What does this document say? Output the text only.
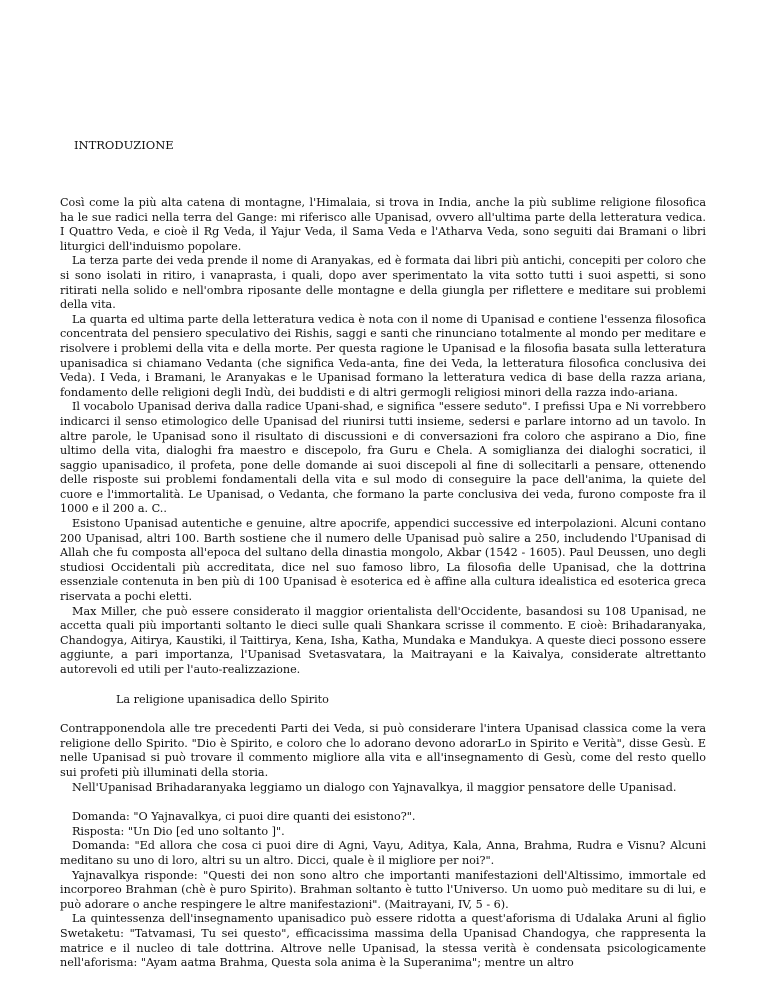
INTRODUZIONE

Così come la più alta catena di montagne, l'Himalaia, si trova in India, anche la più sublime religione filosofica ha le sue radici nella terra del Gange: mi riferisco alle Upanisad, ovvero all'ultima parte della letteratura vedica. I Quattro Veda, e cioè il Rg Veda, il Yajur Veda, il Sama Veda e l'Atharva Veda, sono seguiti dai Bramani o libri liturgici dell'induismo popolare.

La terza parte dei veda prende il nome di Aranyakas, ed è formata dai libri più antichi, concepiti per coloro che si sono isolati in ritiro, i vanaprasta, i quali, dopo aver sperimentato la vita sotto tutti i suoi aspetti, si sono ritirati nella solido e nell'ombra riposante delle montagne e della giungla per riflettere e meditare sui problemi della vita.

La quarta ed ultima parte della letteratura vedica è nota con il nome di Upanisad e contiene l'essenza filosofica concentrata del pensiero speculativo dei Rishis, saggi e santi che rinunciano totalmente al mondo per meditare e risolvere i problemi della vita e della morte. Per questa ragione le Upanisad e la filosofia basata sulla letteratura upanisadica si chiamano Vedanta (che significa Veda-anta, fine dei Veda, la letteratura filosofica conclusiva dei Veda). I Veda, i Bramani, le Aranyakas e le Upanisad formano la letteratura vedica di base della razza ariana, fondamento delle religioni degli Indù, dei buddisti e di altri germogli religiosi minori della razza indo-ariana.

Il vocabolo Upanisad deriva dalla radice Upani-shad, e significa "essere seduto". I prefissi Upa e Ni vorrebbero indicarci il senso etimologico delle Upanisad del riunirsi tutti insieme, sedersi e parlare intorno ad un tavolo. In altre parole, le Upanisad sono il risultato di discussioni e di conversazioni fra coloro che aspirano a Dio, fine ultimo della vita, dialoghi fra maestro e discepolo, fra Guru e Chela. A somiglianza dei dialoghi socratici, il saggio upanisadico, il profeta, pone delle domande ai suoi discepoli al fine di sollecitarli a pensare, ottenendo delle risposte sui problemi fondamentali della vita e sul modo di conseguire la pace dell'anima, la quiete del cuore e l'immortalità. Le Upanisad, o Vedanta, che formano la parte conclusiva dei veda, furono composte fra il 1000 e il 200 a. C..

Esistono Upanisad autentiche e genuine, altre apocrife, appendici successive ed interpolazioni. Alcuni contano 200 Upanisad, altri 100. Barth sostiene che il numero delle Upanisad può salire a 250, includendo l'Upanisad di Allah che fu composta all'epoca del sultano della dinastia mongolo, Akbar (1542 - 1605). Paul Deussen, uno degli studiosi Occidentali più accreditata, dice nel suo famoso libro, La filosofia delle Upanisad, che la dottrina essenziale contenuta in ben più di 100 Upanisad è esoterica ed è affine alla cultura idealistica ed esoterica greca riservata a pochi eletti.

Max Miller, che può essere considerato il maggior orientalista dell'Occidente, basandosi su 108 Upanisad, ne accetta quali più importanti soltanto le dieci sulle quali Shankara scrisse il commento. E cioè: Brihadaranyaka, Chandogya, Aitirya, Kaustiki, il Taittirya, Kena, Isha, Katha, Mundaka e Mandukya. A queste dieci possono essere aggiunte, a pari importanza, l'Upanisad Svetasvatara, la Maitrayani e la Kaivalya, considerate altrettanto autorevoli ed utili per l'auto-realizzazione.

La religione upanisadica dello Spirito

Contrapponendola alle tre precedenti Parti dei Veda, si può considerare l'intera Upanisad classica come la vera religione dello Spirito. "Dio è Spirito, e coloro che lo adorano devono adorarLo in Spirito e Verità", disse Gesù. E nelle Upanisad si può trovare il commento migliore alla vita e all'insegnamento di Gesù, come del resto quello sui profeti più illuminati della storia.

Nell'Upanisad Brihadaranyaka leggiamo un dialogo con Yajnavalkya, il maggior pensatore delle Upanisad.

Domanda: "O Yajnavalkya, ci puoi dire quanti dei esistono?".

Risposta: "Un Dio [ed uno soltanto ]".

Domanda: "Ed allora che cosa ci puoi dire di Agni, Vayu, Aditya, Kala, Anna, Brahma, Rudra e Visnu? Alcuni meditano su uno di loro, altri su un altro. Dicci, quale è il migliore per noi?".

Yajnavalkya risponde: "Questi dei non sono altro che importanti manifestazioni dell'Altissimo, immortale ed incorporeo Brahman (chè è puro Spirito). Brahman soltanto è tutto l'Universo. Un uomo può meditare su di lui, e può adorare o anche respingere le altre manifestazioni". (Maitrayani, IV, 5 - 6).

La quintessenza dell'insegnamento upanisadico può essere ridotta a quest'aforisma di Udalaka Aruni al figlio Swetaketu: "Tatvamasi, Tu sei questo", efficacissima massima della Upanisad Chandogya, che rappresenta la matrice e il nucleo di tale dottrina. Altrove nelle Upanisad, la stessa verità è condensata psicologicamente nell'aforisma: "Ayam aatma Brahma, Questa sola anima è la Superanima"; mentre un altro
